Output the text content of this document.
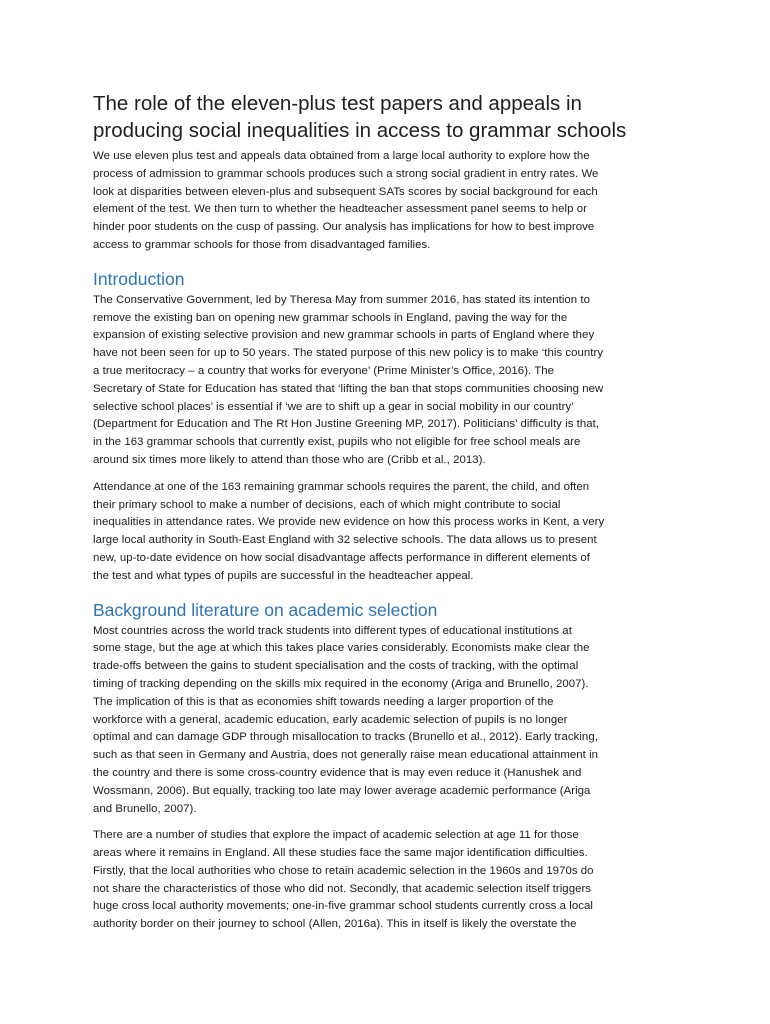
The role of the eleven-plus test papers and appeals in
producing social inequalities in access to grammar schools

We use eleven plus test and appeals data obtained from a large local authority to explore how the
process of admission to grammar schools produces such a strong social gradient in entry rates. We
look at disparities between eleven-plus and subsequent SATs scores by social background for each
element of the test. We then turn to whether the headteacher assessment panel seems to help or
hinder poor students on the cusp of passing. Our analysis has implications for how to best improve
access to grammar schools for those from disadvantaged families.

Introduction

The Conservative Government, led by Theresa May from summer 2016, has stated its intention to
remove the existing ban on opening new grammar schools in England, paving the way for the
expansion of existing selective provision and new grammar schools in parts of England where they
have not been seen for up to 50 years. The stated purpose of this new policy is to make ‘this country
a true meritocracy – a country that works for everyone’ (Prime Minister’s Office, 2016). The
Secretary of State for Education has stated that ‘lifting the ban that stops communities choosing new
selective school places’ is essential if ‘we are to shift up a gear in social mobility in our country’
(Department for Education and The Rt Hon Justine Greening MP, 2017). Politicians’ difficulty is that,
in the 163 grammar schools that currently exist, pupils who not eligible for free school meals are
around six times more likely to attend than those who are (Cribb et al., 2013).

Attendance at one of the 163 remaining grammar schools requires the parent, the child, and often
their primary school to make a number of decisions, each of which might contribute to social
inequalities in attendance rates. We provide new evidence on how this process works in Kent, a very
large local authority in South-East England with 32 selective schools. The data allows us to present
new, up-to-date evidence on how social disadvantage affects performance in different elements of
the test and what types of pupils are successful in the headteacher appeal.

Background literature on academic selection

Most countries across the world track students into different types of educational institutions at
some stage, but the age at which this takes place varies considerably. Economists make clear the
trade-offs between the gains to student specialisation and the costs of tracking, with the optimal
timing of tracking depending on the skills mix required in the economy (Ariga and Brunello, 2007).
The implication of this is that as economies shift towards needing a larger proportion of the
workforce with a general, academic education, early academic selection of pupils is no longer
optimal and can damage GDP through misallocation to tracks (Brunello et al., 2012). Early tracking,
such as that seen in Germany and Austria, does not generally raise mean educational attainment in
the country and there is some cross-country evidence that is may even reduce it (Hanushek and
Wossmann, 2006). But equally, tracking too late may lower average academic performance (Ariga
and Brunello, 2007).

There are a number of studies that explore the impact of academic selection at age 11 for those
areas where it remains in England. All these studies face the same major identification difficulties.
Firstly, that the local authorities who chose to retain academic selection in the 1960s and 1970s do
not share the characteristics of those who did not. Secondly, that academic selection itself triggers
huge cross local authority movements; one-in-five grammar school students currently cross a local
authority border on their journey to school (Allen, 2016a). This in itself is likely the overstate the
